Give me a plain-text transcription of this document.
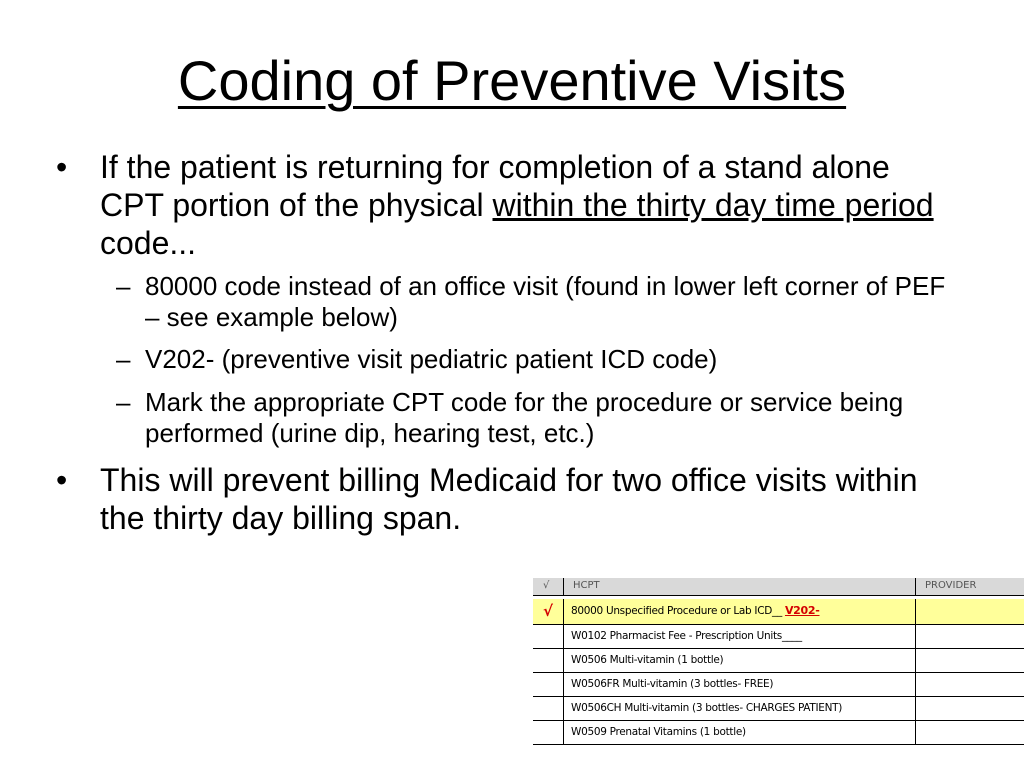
Coding of Preventive Visits
• If the patient is returning for completion of a stand alone CPT portion of the physical within the thirty day time period code...
– 80000 code instead of an office visit (found in lower left corner of PEF – see example below)
– V202- (preventive visit pediatric patient ICD code)
– Mark the appropriate CPT code for the procedure or service being performed (urine dip, hearing test, etc.)
• This will prevent billing Medicaid for two office visits within the thirty day billing span.
√ HCPT	PROVIDER
√	80000 Unspecified Procedure or Lab ICD__ V202-
W0102 Pharmacist Fee - Prescription Units____
W0506 Multi-vitamin (1 bottle)
W0506FR Multi-vitamin (3 bottles- FREE)
W0506CH Multi-vitamin (3 bottles- CHARGES PATIENT)
W0509 Prenatal Vitamins (1 bottle)
